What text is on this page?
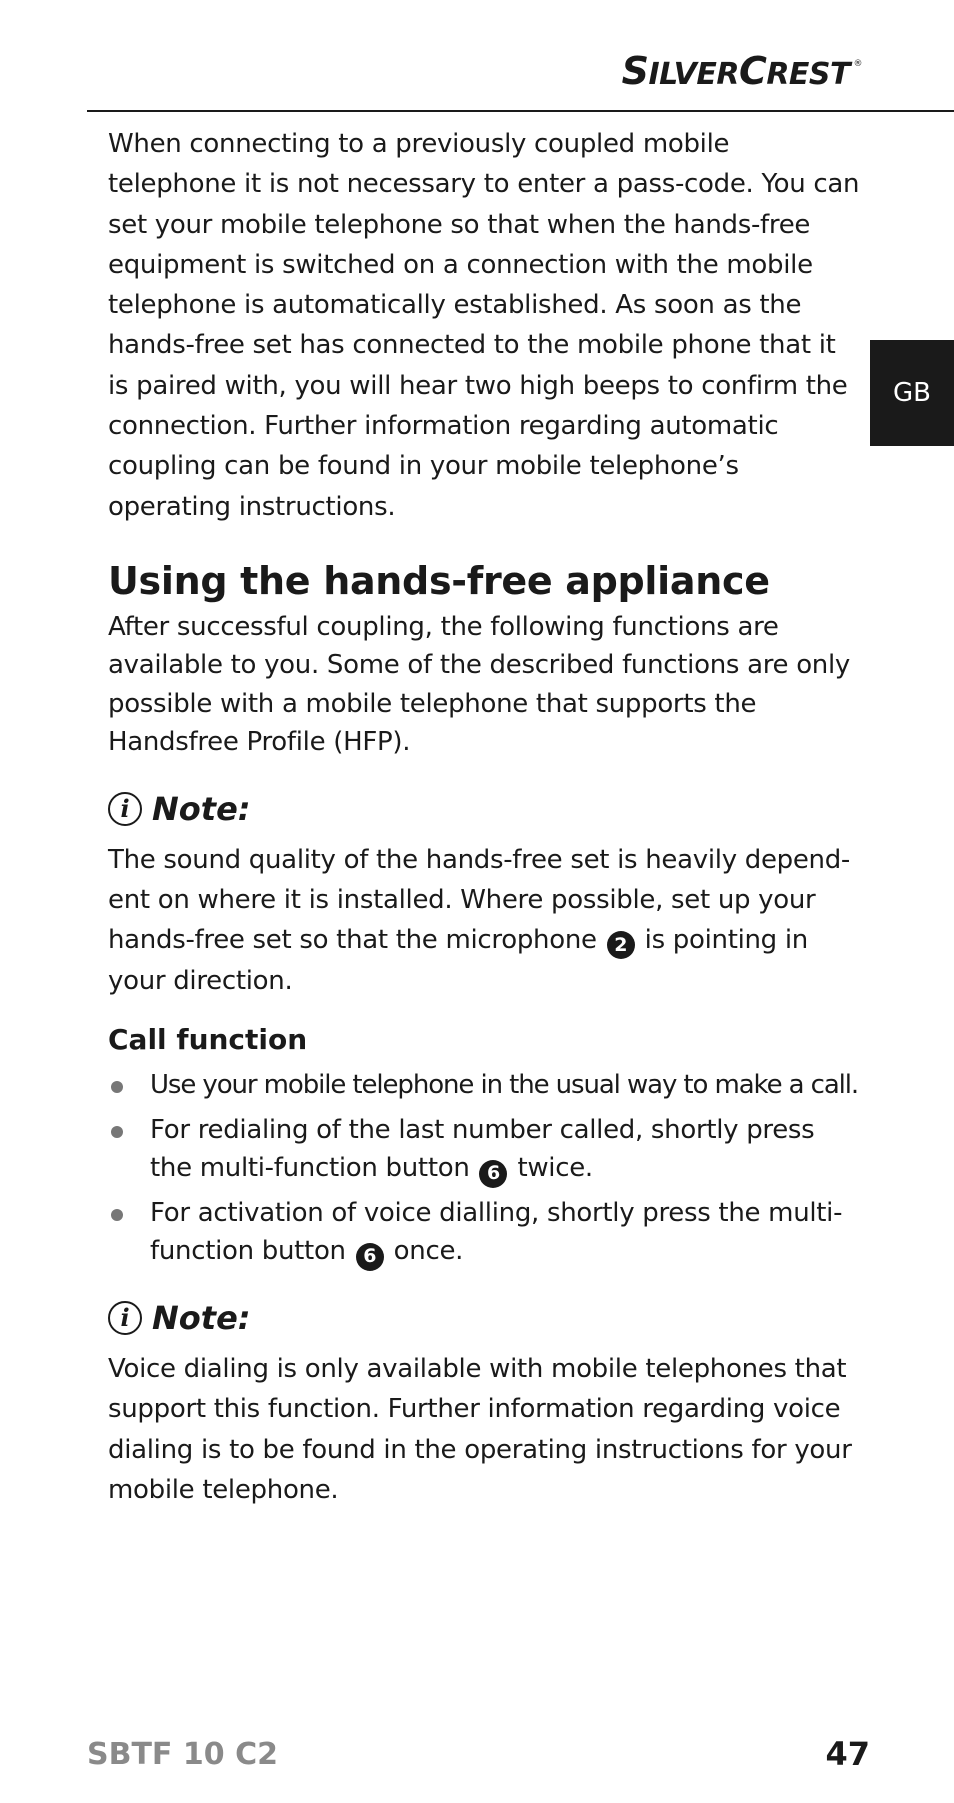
SILVERCREST ®
GB

When connecting to a previously coupled mobile telephone it is not necessary to enter a pass-code. You can set your mobile telephone so that when the hands-free equipment is switched on a connection with the mobile telephone is automatically established. As soon as the hands-free set has connected to the mobile phone that it is paired with, you will hear two high beeps to confirm the connection. Further information regarding automatic coupling can be found in your mobile telephone’s operating instructions.

Using the hands-free appliance

After successful coupling, the following functions are available to you. Some of the described functions are only possible with a mobile telephone that supports the Handsfree Profile (HFP).

i Note:

The sound quality of the hands-free set is heavily depend-ent on where it is installed. Where possible, set up your hands-free set so that the microphone 2 is pointing in your direction.

Call function
Use your mobile telephone in the usual way to make a call.
For redialing of the last number called, shortly press the multi-function button 6 twice.
For activation of voice dialling, shortly press the multi-function button 6 once.
i Note:

Voice dialing is only available with mobile telephones that support this function. Further information regarding voice dialing is to be found in the operating instructions for your mobile telephone.

SBTF 10 C2	47
